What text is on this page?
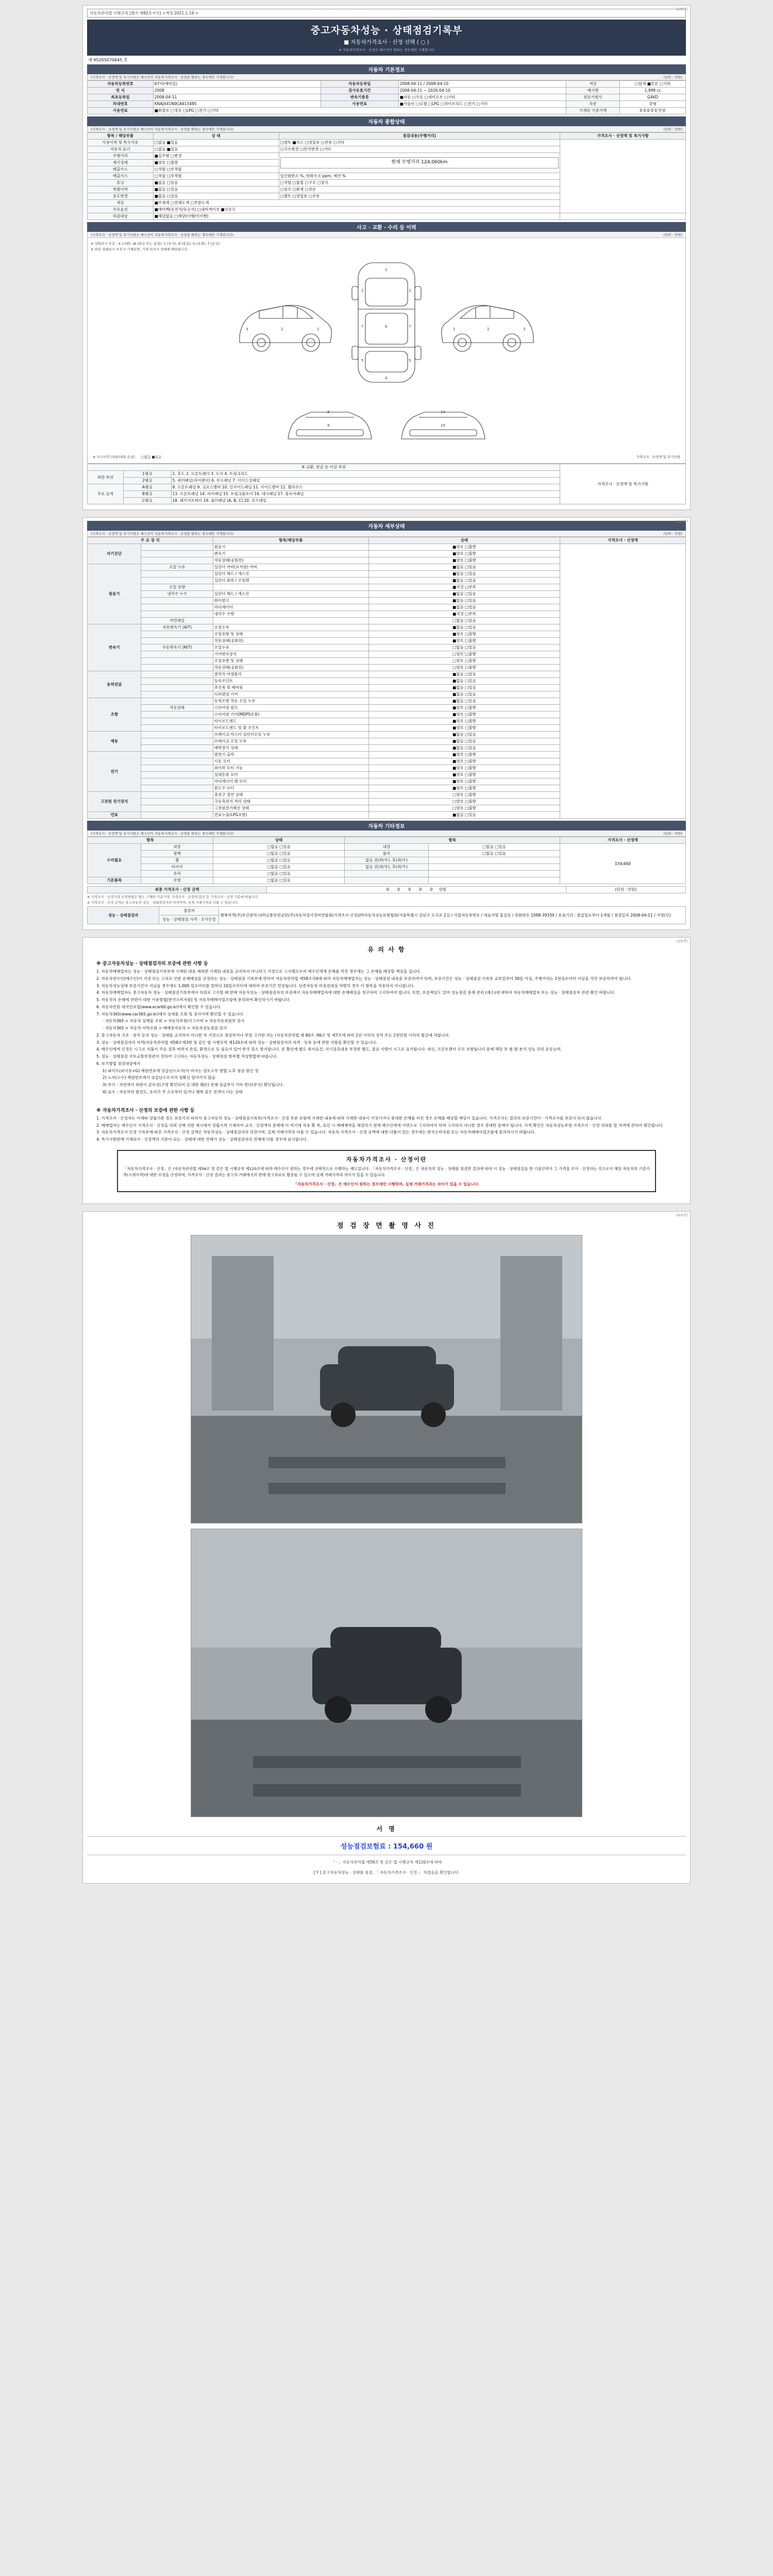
(1/4쪽)
자동차관리법 시행규칙 [별지 제82호서식] <개정 2021.1.19.>
중고자동차성능 · 상태점검기록부
■ 자동차가격조사 · 산정 선택 ( ○ )
※ 자동차가격조사 · 산정은 매수인이 원하는 경우에만 기재합니다
제 95205070645 호
자동차 기본정보
(가격조사 · 산정액 및 특기사항은 매수인이 자동차가격조사 · 산정을 원하는 경우에만 기재합니다)	(단위 : 만원)
자동차등록번호	67어(예비일)	자동차등록일	2008-04-11 / 2008-04-10	색상	□원색 ■투톤 □기타
연 식	2008	검사유효기간	2008-04-11 ~ 2026-04-10	배기량	1,998 cc
최초등록일	2008-04-11	변속기종류	■자동 □수동 □세미오토 □기타	원동기형식	G4KD
차대번호	KNAJX41N0CA613485	사용연료	■가솔린 □디젤 □LPG □하이브리드 □전기 □기타	차종	중형
사용연료	■휘발유 □경유 □LPG □전기 □기타			기재된 기준가액	0 0 0 0 0 만원
자동차 종합상태
(가격조사 · 산정액 및 특기사항은 매수인이 자동차가격조사 · 산정을 원하는 경우에만 기재합니다)	(단위 : 만원)
항목 / 해당부품	상 태	점검내용(주행거리)	가격조사 · 산정액 및 특기사항
사용이력 및 특수사용	□없음 ■있음	□렌트 ■리스 □영업용 □관용 □기타	
자동차 표기	□없음 ■있음	□구조변경 □연식변경 □기타	
주행거리	■실주행 □변경	현재 주행거리 124,060km	

계기상태	■양호 □불량		
배출가스	□적합 □부적합		
배출가스	□적합 □부적합	일산화탄소 %, 탄화수소 ppm, 매연 %	
튜닝	■없음 □있음	□적법 □불법 □구조 □장치	
특별이력	■없음 □있음	□침수 □화재 □전손	
용도변경	■없음 □있음	□렌트 □영업용 □관용	
색상	■무채색 □전체도색 □부분도색		
주요옵션	■에어백(운전석/동승석) □내비게이션 ■선루프		
리콜대상	■해당없음 □해당(이행/미이행)		
사고 · 교환 · 수리 등 이력
(가격조사 · 산정액 및 특기사항은 매수인이 자동차가격조사 · 산정을 원하는 경우에만 기재합니다)	(단위 : 만원)
※ 상태표시 부호 : X (교환), W (판금 또는 용접), C (부식), A (흠집), U (요철), T (손상)
※ 하단 상태표시 부호가 기재되면, 기재 위치가 상태에 해당됩니다.
3	2	1
1
6
4
7	7
2	2
5	5
3
2
1
8
9
14
15
※ 사고이력 (외판/내판 손상) □없음 ■있음	가격조사 · 산정액 및 특기사항
※ 교환, 판금 등 이상 부위			가격조사 · 산정액 및 특기사항
외판 부위	1랭크	1. 후드 2. 프론트펜더 3. 도어 4. 트렁크리드	
	2랭크	5. 쿼터패널(리어펜더) 6. 루프패널 7. 사이드실패널	
주요 골격	A랭크	8. 프론트패널 9. 크로스멤버 10. 인사이드패널 11. 사이드멤버 12. 휠하우스	
	B랭크	13. 프론트패널 14. 리어패널 15. 트렁크플로어 16. 대시패널 17. 플로어패널	
	C랭크	18. 패키지트레이 19. 필러패널 (A, B, C) 20. 루프레일	
(2/4쪽)
자동차 세부상태
(가격조사 · 산정액 및 특기사항은 매수인이 자동차가격조사 · 산정을 원하는 경우에만 기재합니다)	(단위 : 만원)
주 요 장 치		항목/해당부품	상태	가격조사 · 산정액
자기진단		원동기	■양호 □불량	
		변속기	■양호 □불량	
		작동상태(공회전)	■양호 □불량	
원동기	오일 누유	실린더 커버(로커암) 커버	■없음 □있음	
		실린더 헤드 / 개스킷	■없음 □있음	
		실린더 블록 / 오일팬	■없음 □있음	
	오일 유량		■적정 □부족	
	냉각수 누수	실린더 헤드 / 개스킷	■없음 □있음	
		워터펌프	■없음 □있음	
		라디에이터	■없음 □있음	
		냉각수 수량	■적정 □부족	
	커먼레일		□없음 □있음	
변속기	자동변속기 (A/T)	오일누유	■없음 □있음	
		오일유량 및 상태	■양호 □불량	
		작동상태(공회전)	■양호 □불량	
	수동변속기 (M/T)	오일누유	□없음 □있음	
		기어변속장치	□양호 □불량	
		오일유량 및 상태	□양호 □불량	
		작동상태(공회전)	□양호 □불량	
동력전달		클러치 어셈블리	■없음 □있음	
		등속조인트	■없음 □있음	
		추진축 및 베어링	■없음 □있음	
		디퍼렌셜 기어	■없음 □있음	
조향		동력조향 작동 오일 누유	■없음 □있음	
	작동상태	스티어링 펌프	■양호 □불량	
		스티어링 기어(MDPS포함)	■양호 □불량	
		타이로드엔드	■양호 □불량	
		타이로드엔드 및 볼 조인트	■양호 □불량	
제동		브레이크 마스터 실린더오일 누유	■없음 □있음	
		브레이크 오일 누유	■없음 □있음	
		배력장치 상태	■없음 □있음	
전기		발전기 출력	■양호 □불량	
		시동 모터	■양호 □불량	
		와이퍼 모터 기능	■양호 □불량	
		실내송풍 모터	■양호 □불량	
		라디에이터 팬 모터	■양호 □불량	
		윈도우 모터	■양호 □불량	
고전원 전기장치		충전구 절연 상태	□양호 □불량	
		구동축전지 격리 상태	□양호 □불량	
		고전원전기배선 상태	□양호 □불량	
연료		연료누출(LPG포함)	■없음 □있음	
자동차 기타정보
(가격조사 · 산정액 및 특기사항은 매수인이 자동차가격조사 · 산정을 원하는 경우에만 기재합니다)	(단위 : 만원)
항목		상태	항목		가격조사 · 산정액
수리필요	외장	□없음 □있음	내장	□없음 □있음	154,660
	광택	□없음 □있음	룸지	□없음 □있음	
	휠	□없음 □있음	없음 전(좌/우), 후(좌/우)		
	타이어	□없음 □있음	없음 전(좌/우), 후(좌/우)		
	유리	□없음 □있음			
기본품목	보험	□없음 □있음			
최종 가격조사 · 산정 금액	0 0 0 0 0 만원	(단위 : 만원)
※ 가격조사 · 산정가격 산정방법은 별도 기재한 기준가격, 가격조사 · 산정액 합산 등 가격조사 · 산정 기준에 따릅니다.
※ 가격조사 · 산정 금액은 중고자동차 성능 · 상태점검자의 의견이며, 실제 거래가격과 다를 수 있습니다.
성능 · 상태점검자	점검자	행복여객(주)부산광역시/㈜교통안전공단(주)자동차검사정비연합회(가격조사·산정)/㈜자동차성능보험협회/서울특별시 강남구 도곡로 2길 / 사업자등록번호 / 대표자명 홍길동 / 전화번호 1588-39339 / 유효기간 : 발급일로부터 1개월 / 점검일자 2008-04-11 / 서명(인)
성능 · 상태점검 가격 · 조사산정
(3/4쪽)
유 의 사 항
※ 중고자동차성능 · 상태점검자의 보증에 관한 사항 등

1. 자동차매매업자는 성능 · 상태점검기록부에 기재된 내용 제외한 기재된 내용을 교지하지 아니하고 거짓으로 고지했으로써 매수인에게 손해를 끼친 경우에는 그 손해를 배상할 책임을 집니다.

2. 자동차양수인(매수인)이 거짓 또는 고의로 인한 손해배상을 규정하는 성능 · 상태점검 기록부에 관하여 자동차관리법 제58조의4에 따라 자동차매매업자는 성능 · 상태점검 내용을 보증하여야 하며, 보증기간은 성능 · 상태점검 기록부 교부일부터 30일 이상, 주행거리는 2천킬로미터 이상을 각각 보증하여야 합니다.

3. 자동차성능상태 보증기간이 지났을 경우에도 1,000 킬로미터를 말하다 10킬로미터에 대하여 보증기간 연장됩니다. 단종자동차 미점검대상 차량의 경우 이 항목을 적용하지 아니합니다.

4. 자동차매매업자는 중고자동차 성능 · 상태점검기록부에서 허위로 고지할 때 한해 자동차성능 · 상태점검자의 보증에서 자동차매매업자에 대한 손해배상을 청구하여 고지하여야 합니다. 또한, 보증책임도 있어 성능점검 문제 관리 (제소)에 대하여 자동차매매업자 또는 성능 · 상태점검자 관련 확인 바랍니다.

5. 자동차의 손해에 관련이 대한 이용방법(한국소비자원) 및 자동차매매사업조합에 문의하여 확인하시기 바랍니다.

6. 자동차민원 대국민포털(www.ecar60.go.kr)에서 확인할 수 있습니다.

7. 자동차365(www.car365.go.kr)에서 상세를 조회 및 검사이력 확인할 수 있습니다.

· 자동차365 > 자동차 실매물 조회 > 자동차보험/사고이력 > 자동차등록원부 검사

· 자동차365 > 자동차 이력조회 > 매매용자동차 > 자동차성능점검 검사

2. 중고자동차 구조 · 장치 등의 성능 · 상태를 교지하지 아니한 자 거짓으로 점검하거나 부당 고지한 자는 (자동차관리법 제 80조 제6조 및 제7조에 따라 2년 이하의 징역 또는 2천만원 이하의 벌금에 처합니다.

3. 성능 · 상태점검자의 자격(자동차관리법 제58조제3항 및 같은 법 시행규칙 제120조에 따라 성능 · 상태점검자의 자격 · 등록 등에 관한 사항을 확인할 수 있습니다.

4. 매수인에게 인정은 시고로 지불이 주요 결과 버려지 손실, 환경으로 등 필요가 있어 한국 중소 방지합니다. 본 확인에 별도 취지요건, 사기검증내용 부정한 별도, 중요 사랑이 시고로 표기합니다. 대신, 프론트팬더 모두 포함됩니다 문제 해당 부 별 별 분석 성능 뒤의 운동능력.

5. 성능 · 상태점검 국토교통부장관이 정하여 고시하는 자동차성능 · 상태점검 항목별 작성방법에 따릅니다.

6. 보기방법 점검대상에서

1) 파이프(피이유+G) 제원번호에 상급난으로서(이 버지는 검토소무 방법 노후 점검 원인 정

2) 노자(누수) 제원번호에서 상급난으로서의 영확신 알아가지 않음

3) 부식 : 자연에서 외판이 금속성(구멍 확인되어 길 대한 훼손) 전체 상급부식 기타 한다(부식) 확인됩니다.

4) 음수 : 자동차의 발견도, 유리가 주 으로부터 있거나 행복 같은 본격이 다는 상태

※ 자동차가격조사 · 산정의 보증에 관한 사항 등

1. 가격조사 · 산정자는 이에따 성립기준 정도 보증기의 따라서 중고자동차 성능 · 상태점검기록부(가격조사 · 산정 부분 포함에 기재한 내용에 따라 기재한 내용이 거짓이거나 중대한 손해를 끼친 경우 손해를 배상할 책임이 있습니다. 가격조사는 결과의 보증기간이 · 가격조사를 보증이 되지 않습니다.

2. 매매업자는 매수인이 가격조사 · 산정을 의뢰 선택 의한 제시에서 성립가격 기재하여 교지 · 산정액의 문제에 이 여기에 적용 확 족, 표인 시 매매계약을 체결하기 전에 매수인에게 서면으로 고지하여야 하며 고지하지 아니한 경우 중대한 문제가 됩니다. 가격 확인은 자동차성능보험 가격조사 · 산정 의뢰를 할 자격에 관하여 확인합니다.

3. 자동차가격조사 산정 기록부에 따른 가격조사 · 산정 금액은 자동차성능 · 상태점검자의 의견이며, 실제 거래가격과 다를 수 있습니다. 자동차 가격조사 · 산정 금액에 대한 다툼이 있는 경우에는 한국소비자원 또는 자동차매매사업조합에 문의하시기 바랍니다.

4. 특기사항란에 기재되지 · 산정액의 기준이 되는 · 상태에 대한 견해가 성능 · 상태점검자의 견해에 다를 경우에 표시합니다.

자동차가격조사 · 산정이란
「자동차가격조사 · 산정」은 (자동차관리법 제58조 및 같은 법 시행규칙 제120조에 따라 매수인이 원하는 경우에 선택적으로 수행하는 제도입니다. 「자동차가격조사 · 산정」은 자동차의 성능 · 상태를 점검한 결과에 따라 이 성능 · 상태점검을 한 기술인력이 그 가격을 조사 · 산정하는 것으로서 해당 자동차의 기준가격(시세가격)에 대한 조정을 산정하며, 가격조사 · 산정 결과는 중고차 거래에서의 판매 참고자료로 활용될 수 있으며 실제 거래가격과 차이가 있을 수 있습니다.
「자동차가격조사 · 산정」은 매수인이 원하는 경우에만 시행하며, 실제 거래가격과는 차이가 있을 수 있습니다.
(4/4쪽)
점 검 장 면 촬 영 사 진
서 명
성능점검보험료 : 154,660 원
「 · 」자동차관리법 제58조 및 같은 법 시행규칙 제120조에 따라
[ Y ] 중고자동차성능 · 상태를 점검, 「 자동차가격조사 · 산정 」 하였음을 확인합니다.
